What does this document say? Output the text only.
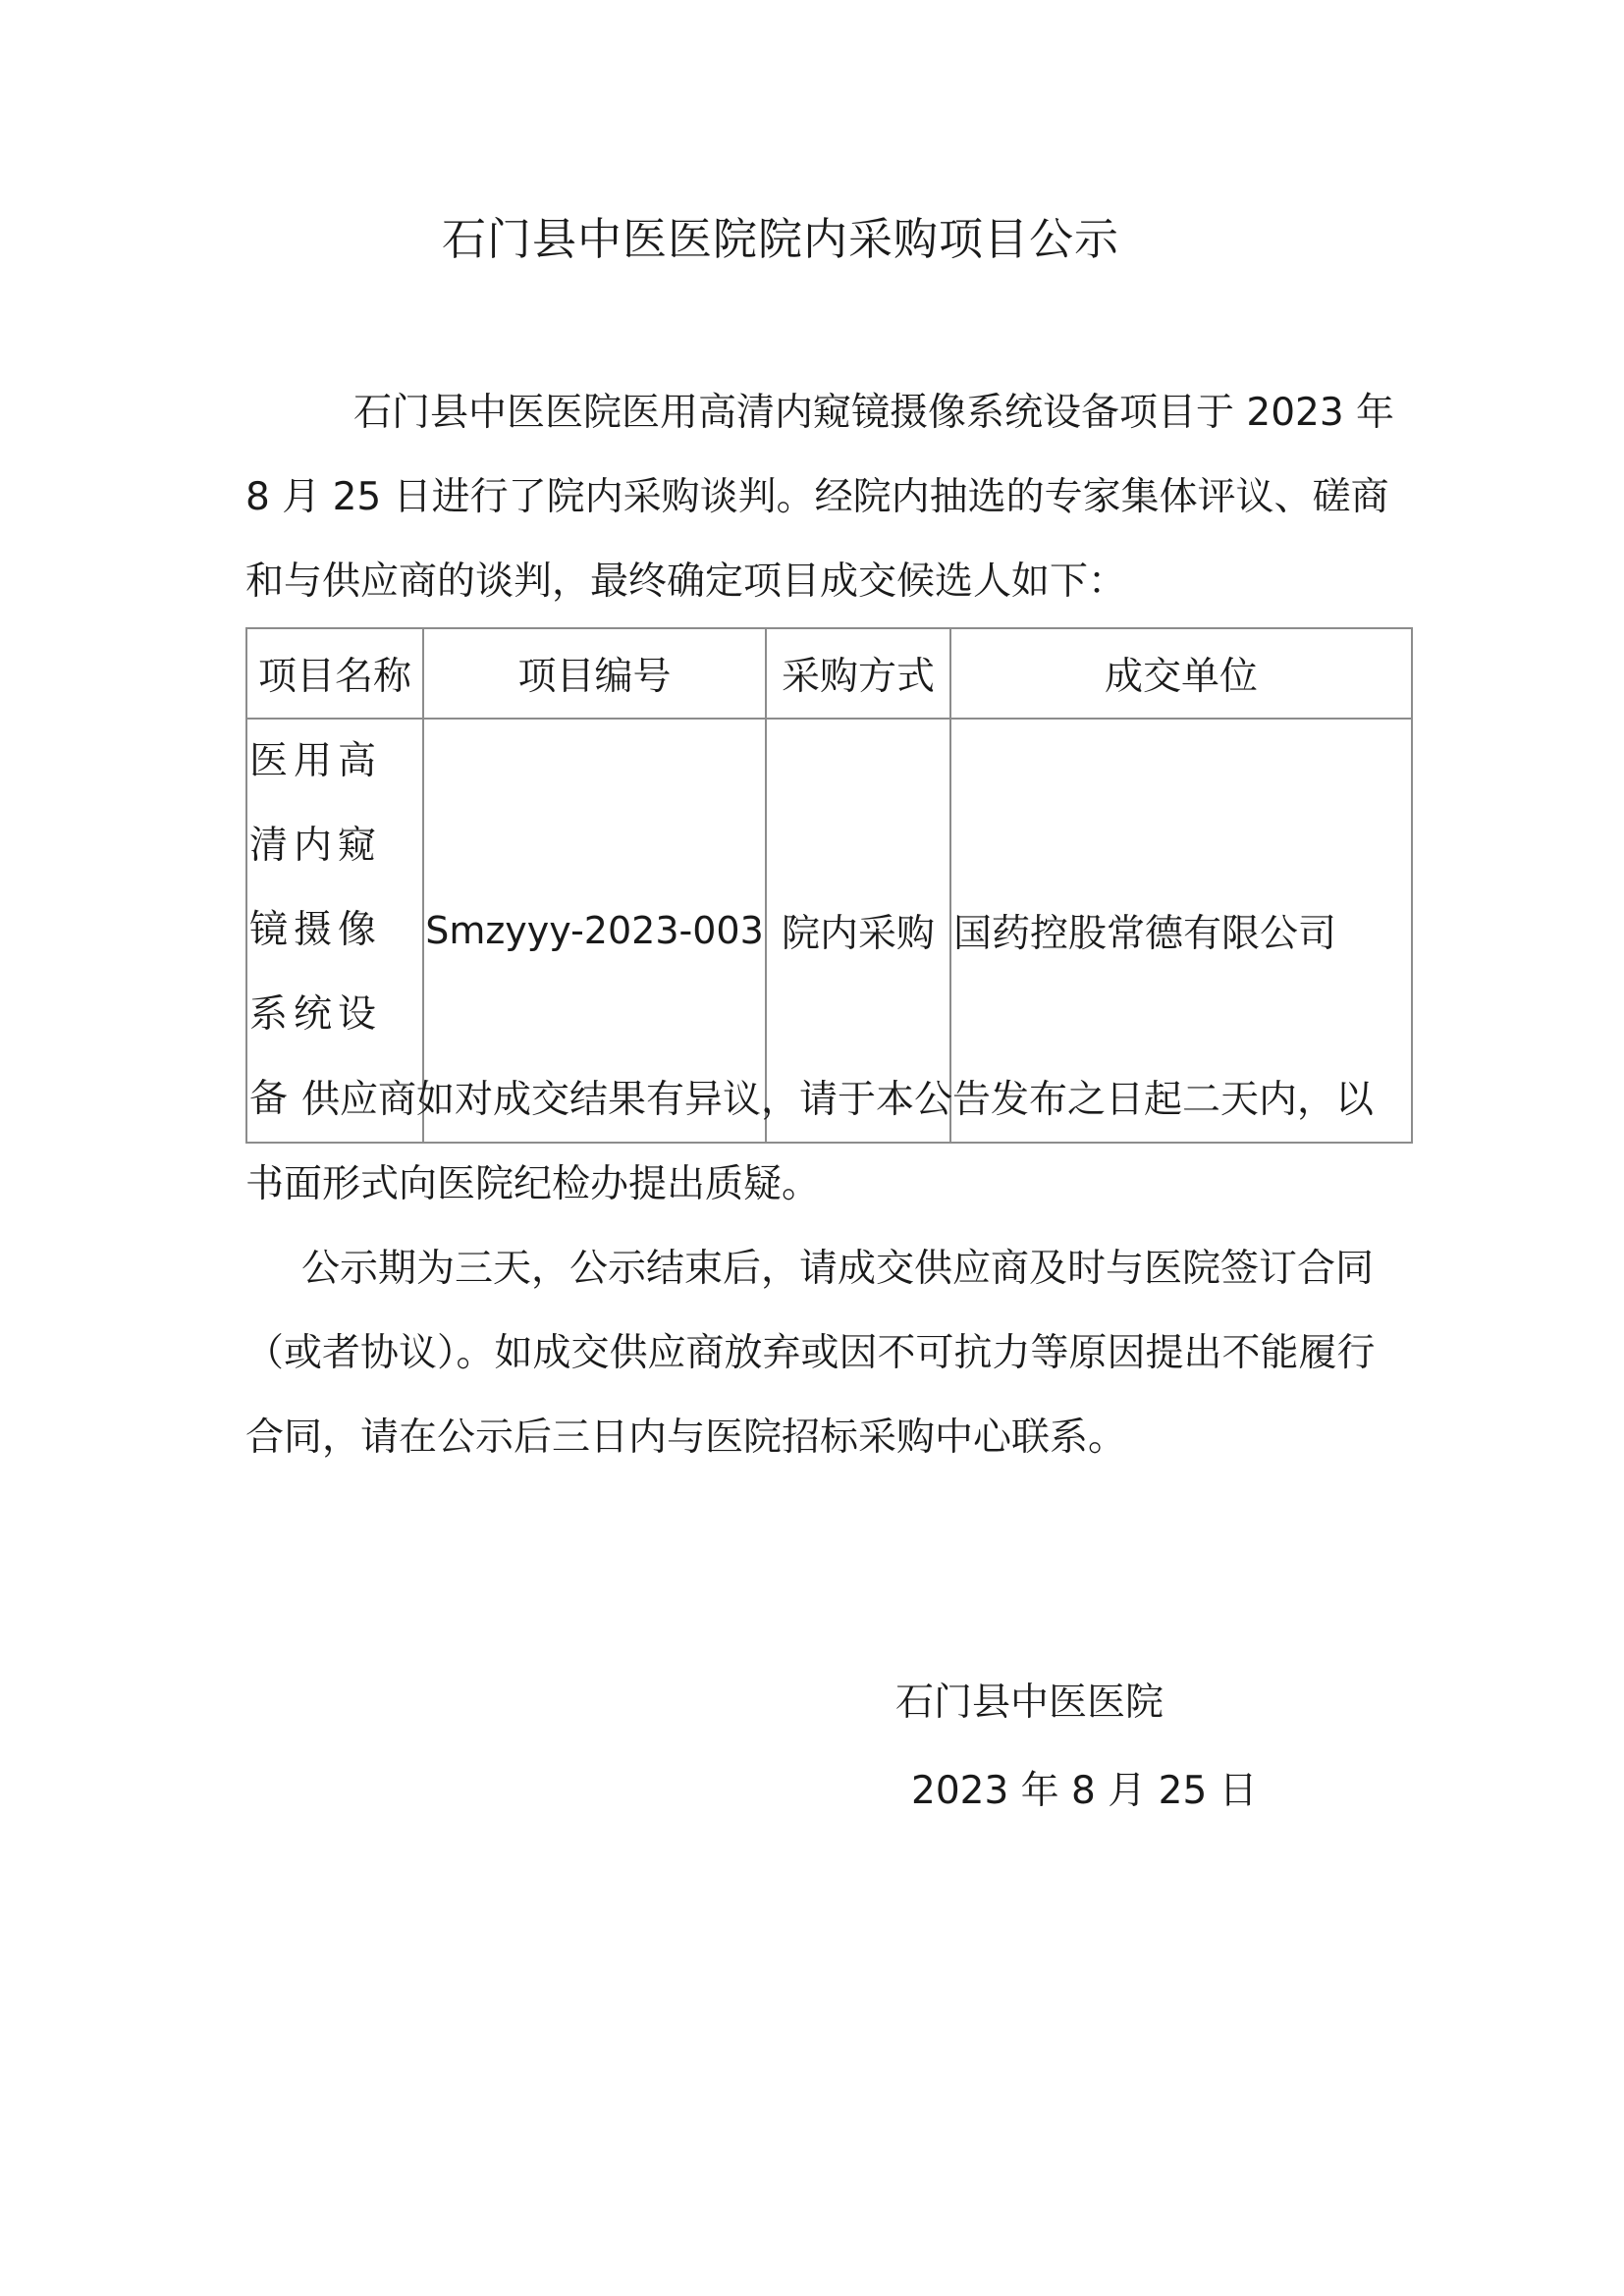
石门县中医医院院内采购项目公示

石门县中医医院医用高清内窥镜摄像系统设备项目于 2023 年
8 月 25 日进行了院内采购谈判。经院内抽选的专家集体评议、磋商
和与供应商的谈判，最终确定项目成交候选人如下：

项目名称	项目编号	采购方式	成交单位
医用高清内窥镜摄像系统设备	Smzyyy-2023-003	院内采购	国药控股常德有限公司

供应商如对成交结果有异议，请于本公告发布之日起二天内，以
书面形式向医院纪检办提出质疑。

公示期为三天，公示结束后，请成交供应商及时与医院签订合同
（或者协议）。如成交供应商放弃或因不可抗力等原因提出不能履行
合同，请在公示后三日内与医院招标采购中心联系。

石门县中医医院
2023 年 8 月 25 日
